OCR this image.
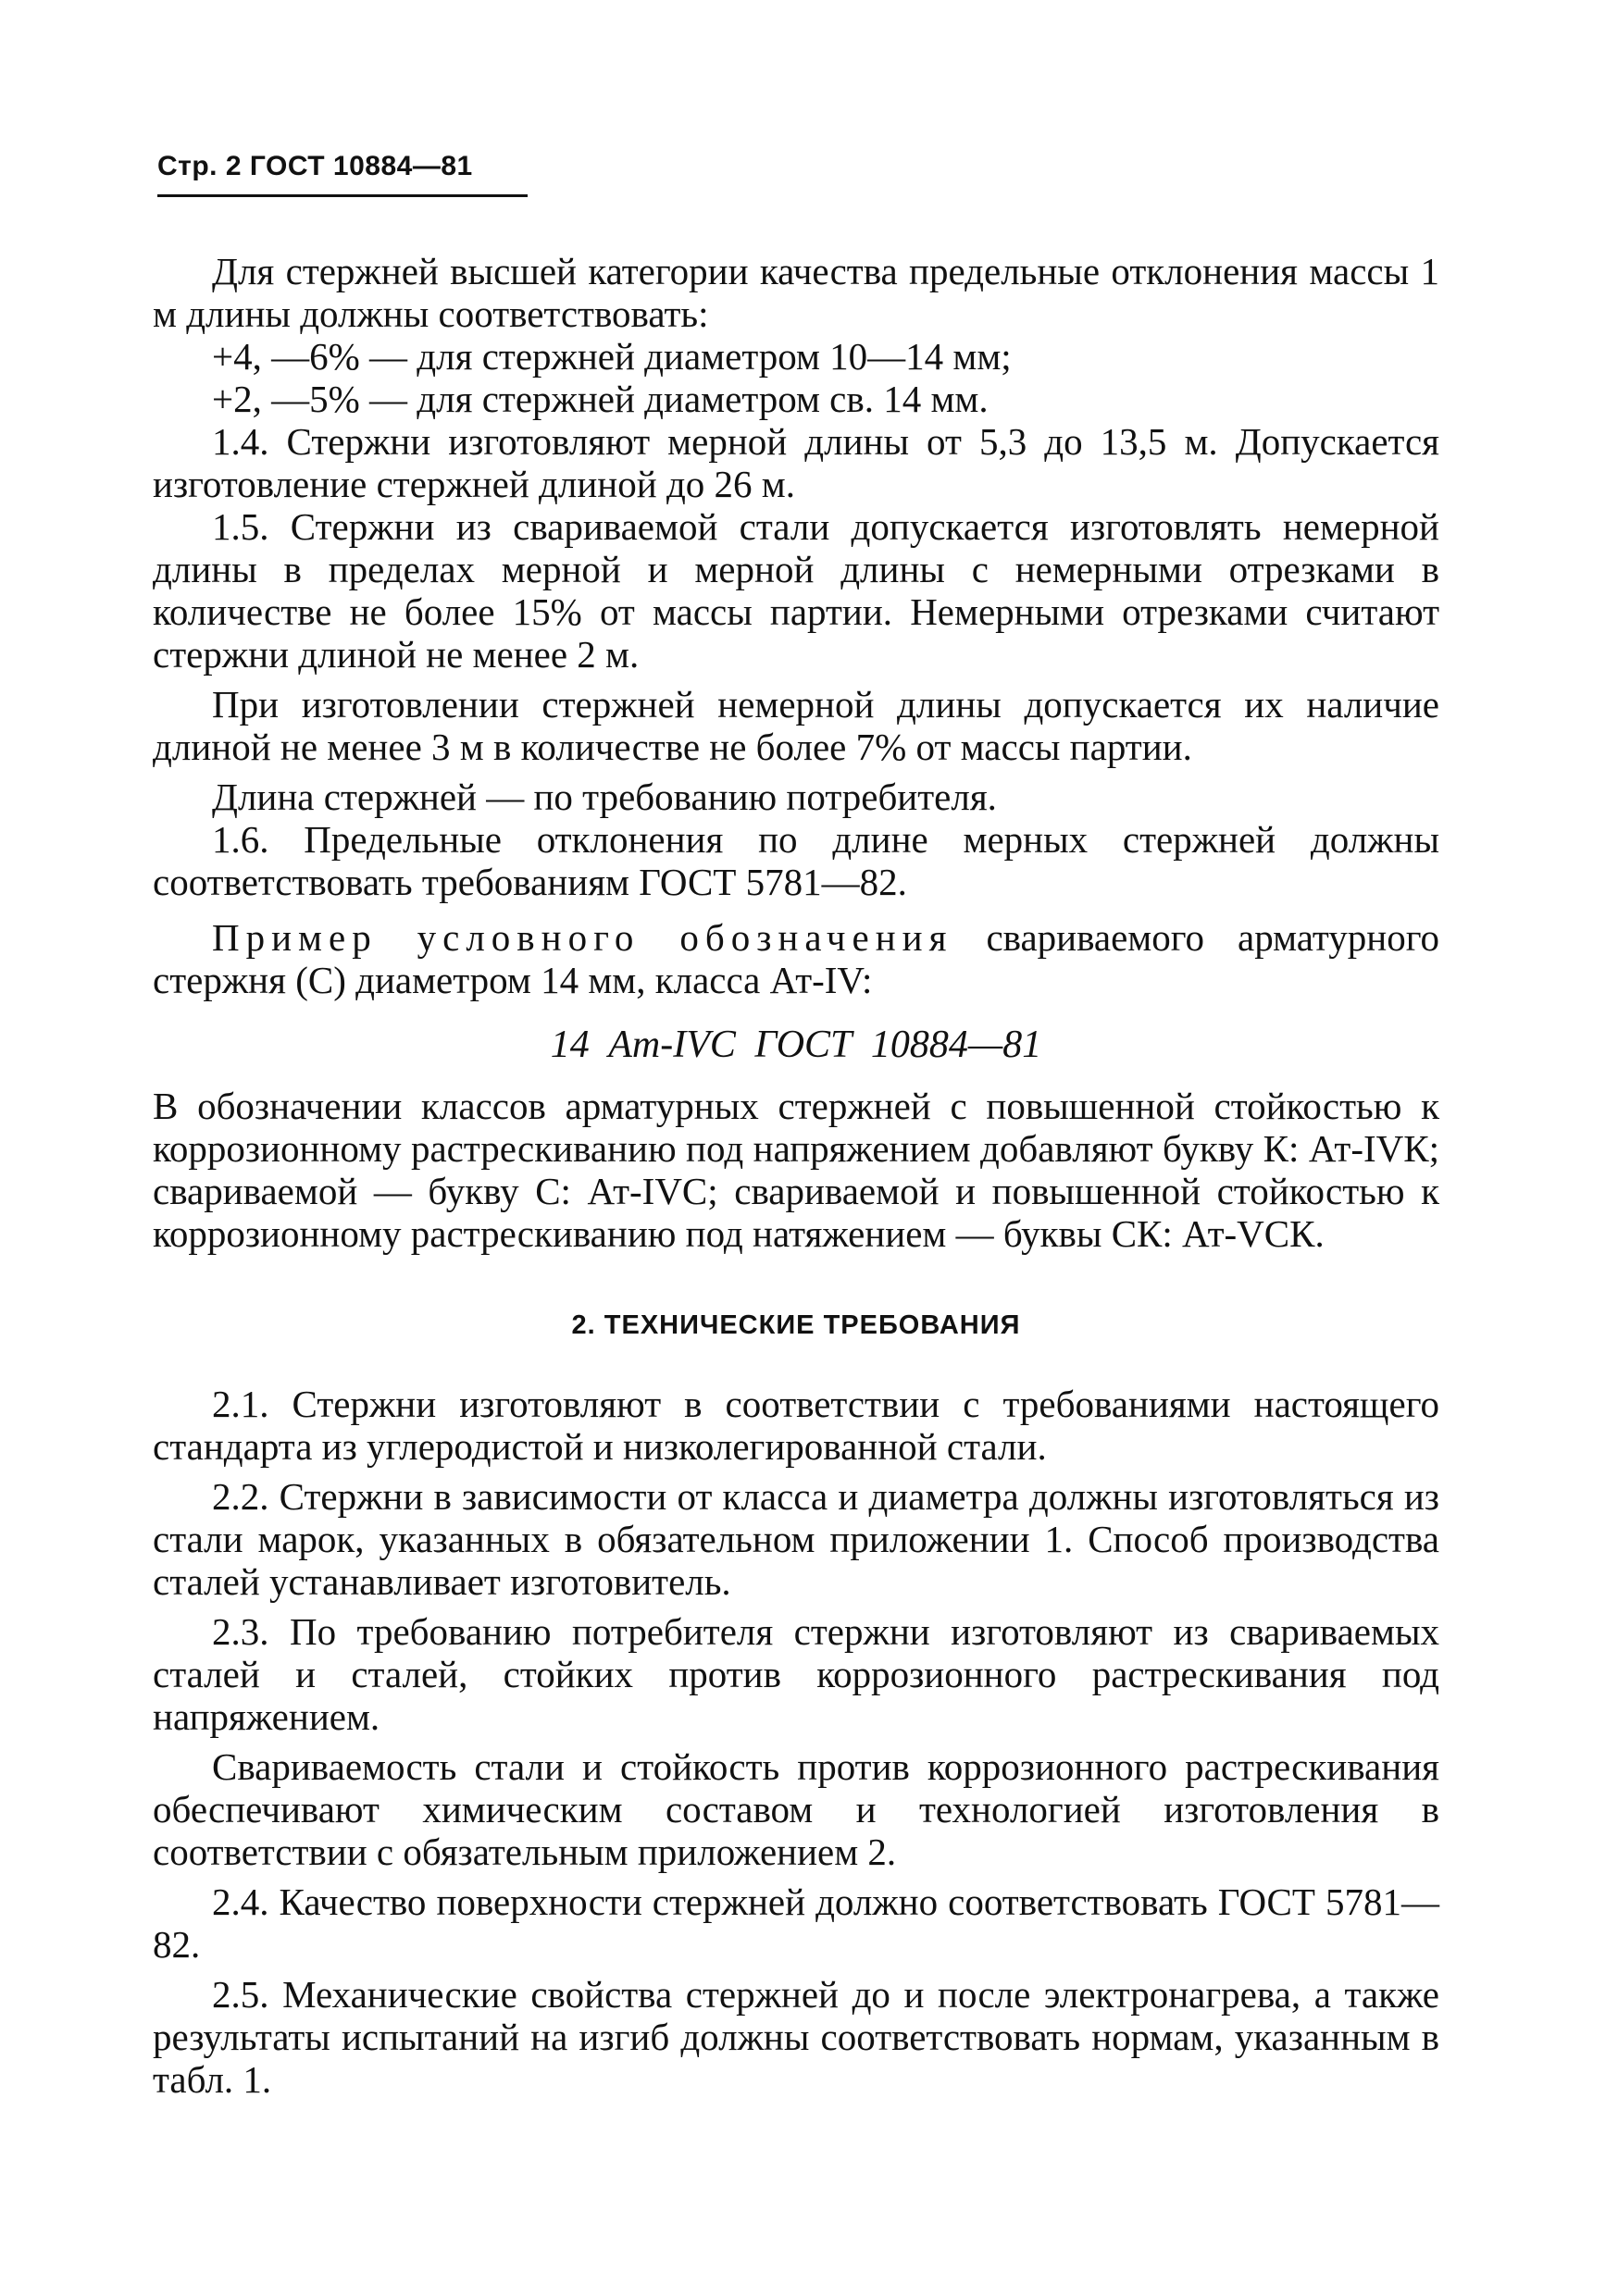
Стр. 2 ГОСТ 10884—81

Для стержней высшей категории качества предельные отклонения массы 1 м длины должны соответствовать:

+4, —6% — для стержней диаметром 10—14 мм;

+2, —5% — для стержней диаметром св. 14 мм.

1.4. Стержни изготовляют мерной длины от 5,3 до 13,5 м. Допускается изготовление стержней длиной до 26 м.

1.5. Стержни из свариваемой стали допускается изготовлять немерной длины в пределах мерной и мерной длины с немерными отрезками в количестве не более 15% от массы партии. Немерными отрезками считают стержни длиной не менее 2 м.

При изготовлении стержней немерной длины допускается их наличие длиной не менее 3 м в количестве не более 7% от массы партии.

Длина стержней — по требованию потребителя.

1.6. Предельные отклонения по длине мерных стержней должны соответствовать требованиям ГОСТ 5781—82.

Пример условного обозначения свариваемого арматурного стержня (С) диаметром 14 мм, класса Ат-IV:

14 Ат-IVС ГОСТ 10884—81

В обозначении классов арматурных стержней с повышенной стойкостью к коррозионному растрескиванию под напряжением добавляют букву К: Ат-IVК; свариваемой — букву С: Ат-IVС; свариваемой и повышенной стойкостью к коррозионному растрескиванию под натяжением — буквы СК: Ат-VСК.

2. ТЕХНИЧЕСКИЕ ТРЕБОВАНИЯ

2.1. Стержни изготовляют в соответствии с требованиями настоящего стандарта из углеродистой и низколегированной стали.

2.2. Стержни в зависимости от класса и диаметра должны изготовляться из стали марок, указанных в обязательном приложении 1. Способ производства сталей устанавливает изготовитель.

2.3. По требованию потребителя стержни изготовляют из свариваемых сталей и сталей, стойких против коррозионного растрескивания под напряжением.

Свариваемость стали и стойкость против коррозионного растрескивания обеспечивают химическим составом и технологией изготовления в соответствии с обязательным приложением 2.

2.4. Качество поверхности стержней должно соответствовать ГОСТ 5781—82.

2.5. Механические свойства стержней до и после электронагрева, а также результаты испытаний на изгиб должны соответствовать нормам, указанным в табл. 1.
